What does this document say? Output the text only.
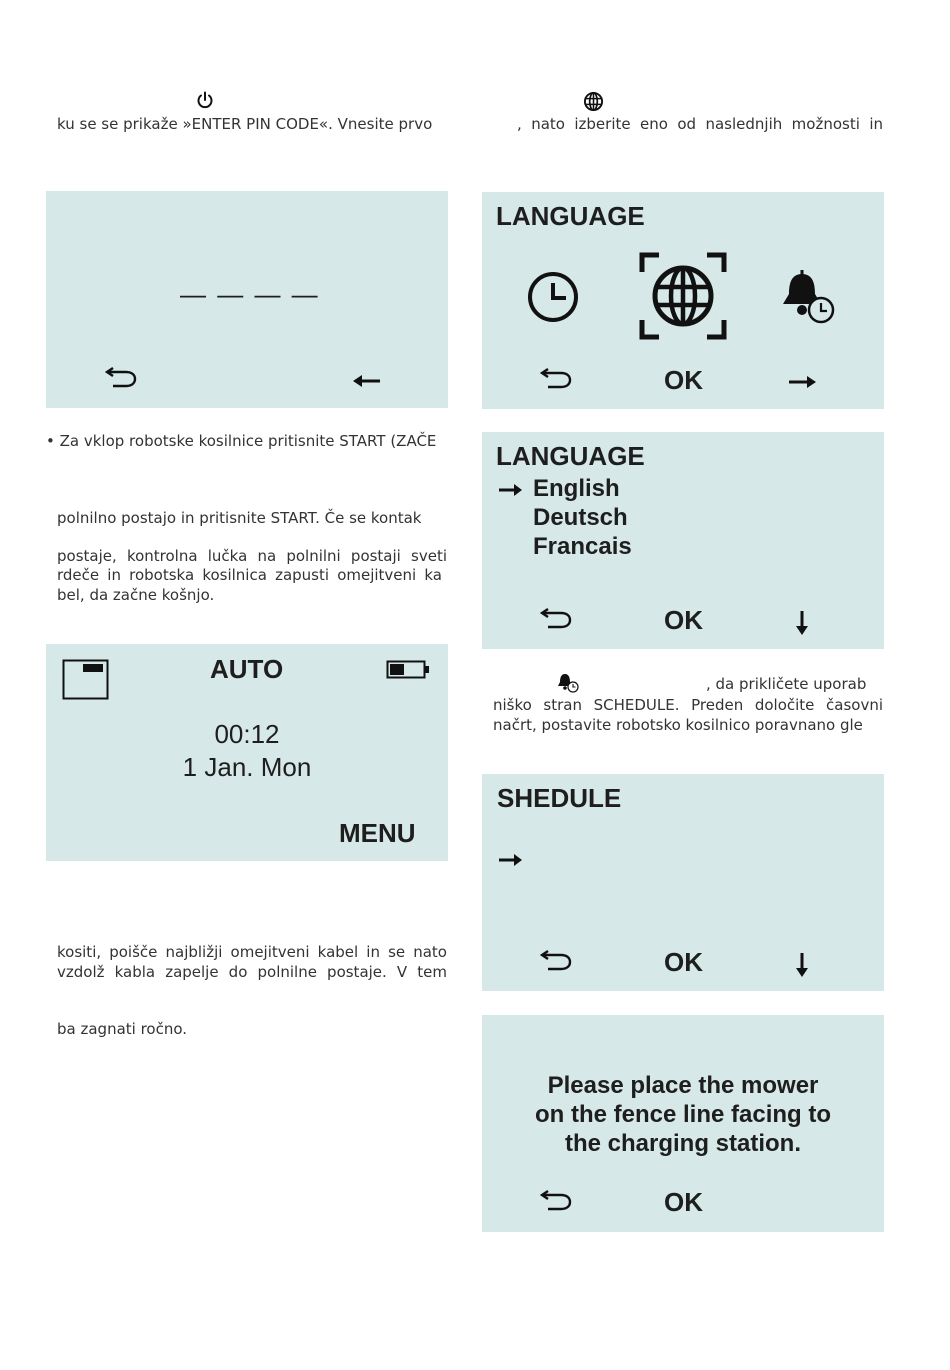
ku se se prikaže »ENTER PIN CODE«. Vnesite prvo
• Za vklop robotske kosilnice pritisnite START (ZAČE
polnilno postajo in pritisnite START. Če se kontak
postaje, kontrolna lučka na polnilni postaji sveti
rdeče in robotska kosilnica zapusti omejitveni ka
bel, da začne košnjo.
kositi, poišče najbližji omejitveni kabel in se nato
vzdolž kabla zapelje do polnilne postaje. V tem
ba zagnati ročno.
, nato izberite eno od naslednjih možnosti in
, da prikličete uporab
niško stran SCHEDULE. Preden določite časovni
načrt, postavite robotsko kosilnico poravnano gle
— — — —
LANGUAGE
OK
LANGUAGE
English
Deutsch
Francais
OK
AUTO
00:12
1 Jan. Mon
MENU
SHEDULE
OK
Please place the mower
on the fence line facing to
the charging station.
OK
